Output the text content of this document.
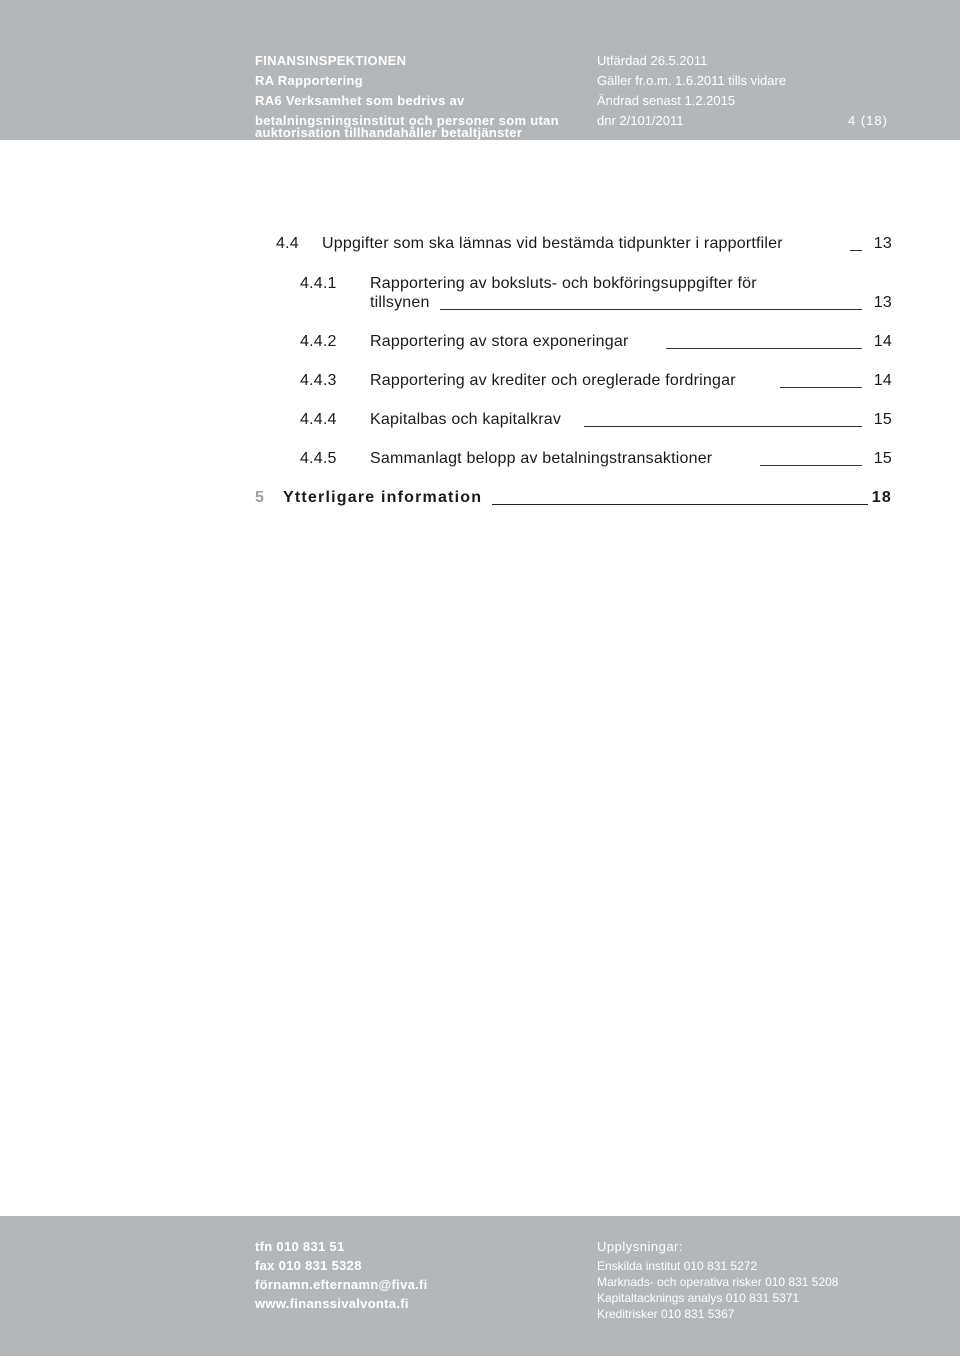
FINANSINSPEKTIONEN
RA Rapportering
RA6 Verksamhet som bedrivs av
betalningsningsinstitut och personer som utan
auktorisation tillhandahåller betaltjänster
Utfärdad 26.5.2011
Gäller fr.o.m. 1.6.2011 tills vidare
Ändrad senast 1.2.2015
dnr 2/101/2011	4 (18)
4.4 Uppgifter som ska lämnas vid bestämda tidpunkter i rapportfiler	13
4.4.1 Rapportering av boksluts- och bokföringsuppgifter för
tillsynen	13
4.4.2 Rapportering av stora exponeringar	14
4.4.3 Rapportering av krediter och oreglerade fordringar	14
4.4.4 Kapitalbas och kapitalkrav	15
4.4.5 Sammanlagt belopp av betalningstransaktioner	15
5 Ytterligare information	18
tfn 010 831 51
fax 010 831 5328
förnamn.efternamn@fiva.fi
www.finanssivalvonta.fi
Upplysningar:
Enskilda institut 010 831 5272
Marknads- och operativa risker 010 831 5208
Kapitaltacknings analys 010 831 5371
Kreditrisker 010 831 5367
